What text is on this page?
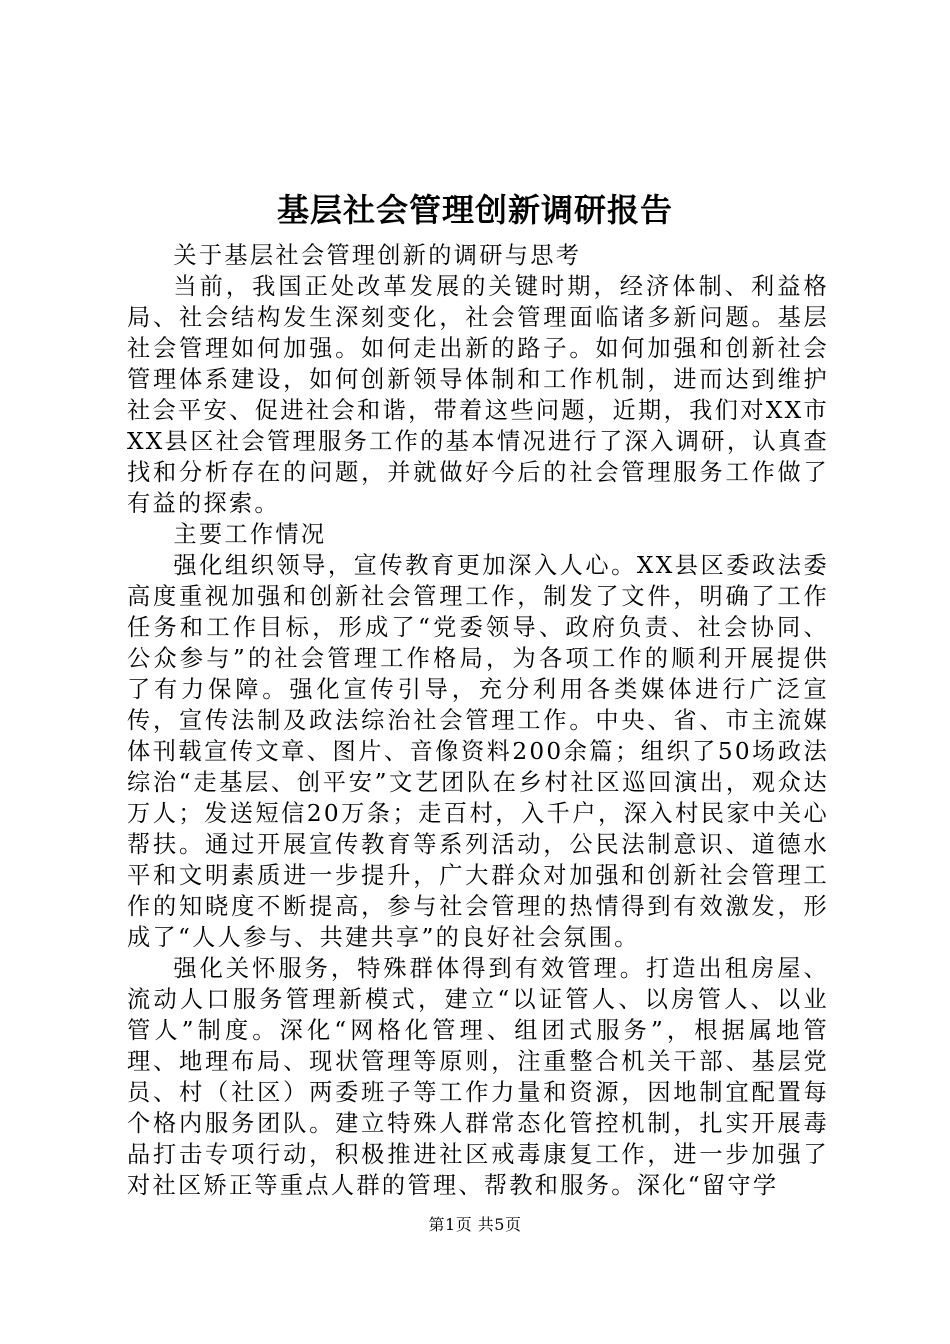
基层社会管理创新调研报告

关于基层社会管理创新的调研与思考

当前，我国正处改革发展的关键时期，经济体制、利益格局、社会结构发生深刻变化，社会管理面临诸多新问题。基层社会管理如何加强。如何走出新的路子。如何加强和创新社会管理体系建设，如何创新领导体制和工作机制，进而达到维护社会平安、促进社会和谐，带着这些问题，近期，我们对XX市XX县区社会管理服务工作的基本情况进行了深入调研，认真查找和分析存在的问题，并就做好今后的社会管理服务工作做了有益的探索。

主要工作情况

强化组织领导，宣传教育更加深入人心。XX县区委政法委高度重视加强和创新社会管理工作，制发了文件，明确了工作任务和工作目标，形成了“党委领导、政府负责、社会协同、公众参与”的社会管理工作格局，为各项工作的顺利开展提供了有力保障。强化宣传引导，充分利用各类媒体进行广泛宣传，宣传法制及政法综治社会管理工作。中央、省、市主流媒体刊载宣传文章、图片、音像资料200余篇；组织了50场政法综治“走基层、创平安”文艺团队在乡村社区巡回演出，观众达万人；发送短信20万条；走百村，入千户，深入村民家中关心帮扶。通过开展宣传教育等系列活动，公民法制意识、道德水平和文明素质进一步提升，广大群众对加强和创新社会管理工作的知晓度不断提高，参与社会管理的热情得到有效激发，形成了“人人参与、共建共享”的良好社会氛围。

强化关怀服务，特殊群体得到有效管理。打造出租房屋、流动人口服务管理新模式，建立“以证管人、以房管人、以业管人”制度。深化“网格化管理、组团式服务”，根据属地管理、地理布局、现状管理等原则，注重整合机关干部、基层党员、村（社区）两委班子等工作力量和资源，因地制宜配置每个格内服务团队。建立特殊人群常态化管控机制，扎实开展毒品打击专项行动，积极推进社区戒毒康复工作，进一步加强了对社区矫正等重点人群的管理、帮教和服务。深化“留守学

第1页 共5页
